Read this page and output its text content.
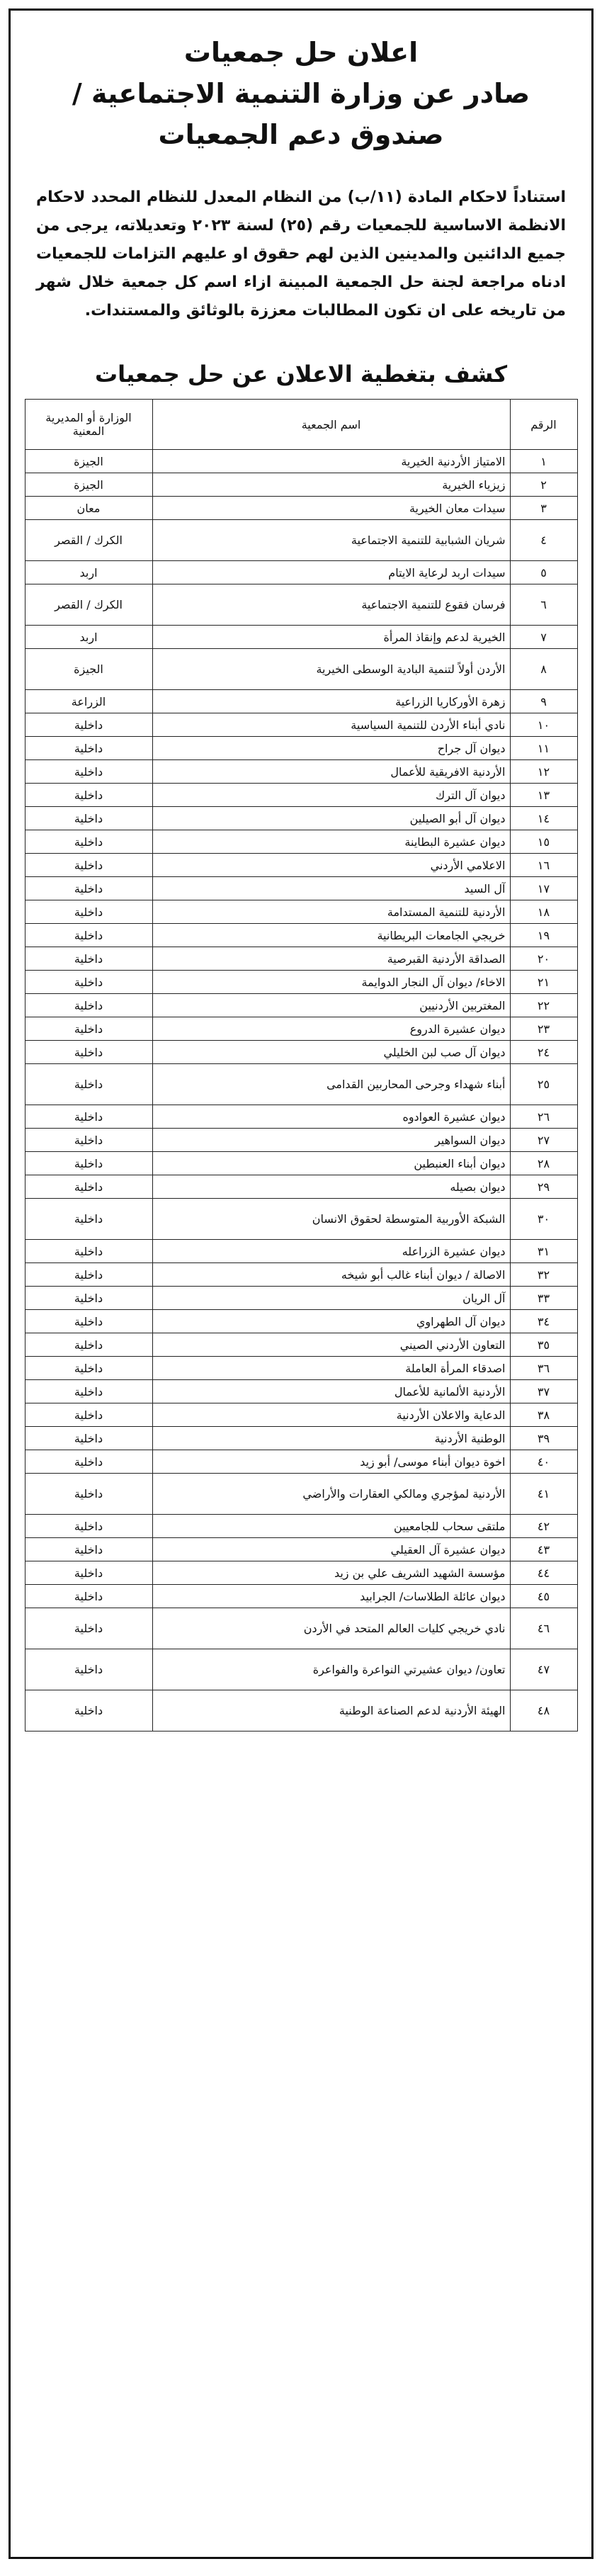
اعلان حل جمعيات
صادر عن وزارة التنمية الاجتماعية /
صندوق دعم الجمعيات
استناداً لاحكام المادة (١١/ب) من النظام المعدل للنظام المحدد لاحكام الانظمة الاساسية للجمعيات رقم (٢٥) لسنة ٢٠٢٣ وتعديلاته، يرجى من جميع الدائنين والمدينين الذين لهم حقوق او عليهم التزامات للجمعيات ادناه مراجعة لجنة حل الجمعية المبينة ازاء اسم كل جمعية خلال شهر من تاريخه على ان تكون المطالبات معززة بالوثائق والمستندات.
كشف بتغطية الاعلان عن حل جمعيات
الرقم	اسم الجمعية	الوزارة أو المديرية المعنية
١	الامتياز الأردنية الخيرية	الجيزة
٢	زيزياء الخيرية	الجيزة
٣	سيدات معان الخيرية	معان
٤	شريان الشبابية للتنمية الاجتماعية	الكرك / القصر
٥	سيدات اربد لرعاية الايتام	اربد
٦	فرسان فقوع للتنمية الاجتماعية	الكرك / القصر
٧	الخيرية لدعم وإنقاذ المرأة	اربد
٨	الأردن أولاً لتنمية البادية الوسطى الخيرية	الجيزة
٩	زهرة الأوركاريا الزراعية	الزراعة
١٠	نادي أبناء الأردن للتنمية السياسية	داخلية
١١	ديوان آل جراح	داخلية
١٢	الأردنية الافريقية للأعمال	داخلية
١٣	ديوان آل الترك	داخلية
١٤	ديوان آل أبو الصيلين	داخلية
١٥	ديوان عشيرة البطاينة	داخلية
١٦	الاعلامي الأردني	داخلية
١٧	آل السيد	داخلية
١٨	الأردنية للتنمية المستدامة	داخلية
١٩	خريجي الجامعات البريطانية	داخلية
٢٠	الصداقة الأردنية القبرصية	داخلية
٢١	الاخاء/ ديوان آل النجار الدوايمة	داخلية
٢٢	المغتربين الأردنيين	داخلية
٢٣	ديوان عشيرة الدروع	داخلية
٢٤	ديوان آل صب لبن الخليلي	داخلية
٢٥	أبناء شهداء وجرحى المحاربين القدامى	داخلية
٢٦	ديوان عشيرة العوادوه	داخلية
٢٧	ديوان السواهير	داخلية
٢٨	ديوان أبناء العنبطين	داخلية
٢٩	ديوان بصيله	داخلية
٣٠	الشبكة الأوربية المتوسطة لحقوق الانسان	داخلية
٣١	ديوان عشيرة الزراعله	داخلية
٣٢	الاصالة / ديوان أبناء غالب أبو شيخه	داخلية
٣٣	آل الريان	داخلية
٣٤	ديوان آل الطهراوي	داخلية
٣٥	التعاون الأردني الصيني	داخلية
٣٦	اصدقاء المرأة العاملة	داخلية
٣٧	الأردنية الألمانية للأعمال	داخلية
٣٨	الدعاية والاعلان الأردنية	داخلية
٣٩	الوطنية الأردنية	داخلية
٤٠	اخوة ديوان أبناء موسى/ أبو زيد	داخلية
٤١	الأردنية لمؤجري ومالكي العقارات والأراضي	داخلية
٤٢	ملتقى سحاب للجامعيين	داخلية
٤٣	ديوان عشيرة آل العقيلي	داخلية
٤٤	مؤسسة الشهيد الشريف علي بن زيد	داخلية
٤٥	ديوان عائلة الطلاسات/ الجرابيد	داخلية
٤٦	نادي خريجي كليات العالم المتحد في الأردن	داخلية
٤٧	تعاون/ ديوان عشيرتي النواعرة والفواعرة	داخلية
٤٨	الهيئة الأردنية لدعم الصناعة الوطنية	داخلية
